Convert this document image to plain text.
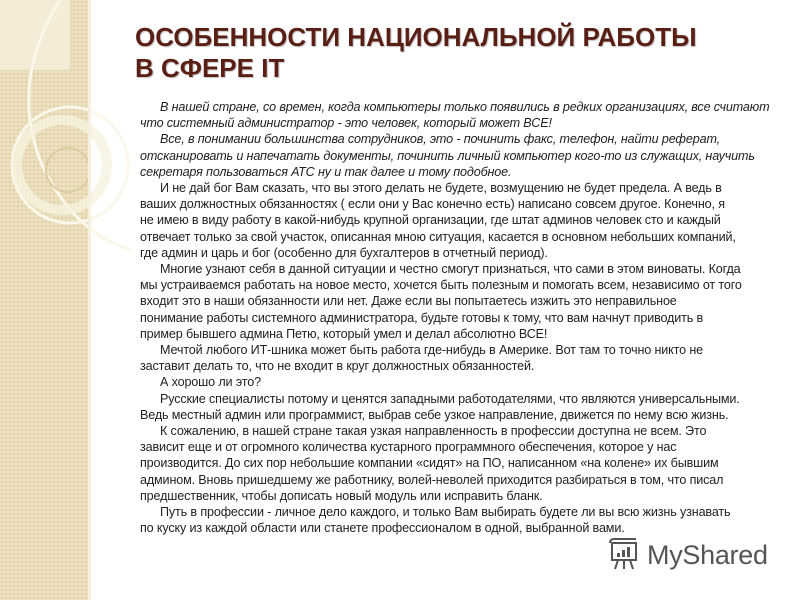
ОСОБЕННОСТИ НАЦИОНАЛЬНОЙ РАБОТЫ
В СФЕРЕ IT
В нашей стране, со времен, когда компьютеры только появились в редких организациях, все считают
что системный администратор - это человек, который может ВСЕ!
Все, в понимании большинства сотрудников, это - починить факс, телефон, найти реферат,
отсканировать и напечатать документы, починить личный компьютер кого-то из служащих, научить
секретаря пользоваться АТС ну и так далее и тому подобное.
И не дай бог Вам сказать, что вы этого делать не будете, возмущению не будет предела. А ведь в
ваших должностных обязанностях ( если они у Вас конечно есть) написано совсем другое. Конечно, я
не имею в виду работу в какой-нибудь крупной организации, где штат админов человек сто и каждый
отвечает только за свой участок, описанная мною ситуация, касается в основном небольших компаний,
где админ и царь и бог (особенно для бухгалтеров в отчетный период).
Многие узнают себя в данной ситуации и честно смогут признаться, что сами в этом виноваты. Когда
мы устраиваемся работать на новое место, хочется быть полезным и помогать всем, независимо от того
входит это в наши обязанности или нет. Даже если вы попытаетесь изжить это неправильное
понимание работы системного администратора, будьте готовы к тому, что вам начнут приводить в
пример бывшего админа Петю, который умел и делал абсолютно ВСЕ!
Мечтой любого ИТ-шника может быть работа где-нибудь в Америке. Вот там то точно никто не
заставит делать то, что не входит в круг должностных обязанностей.
А хорошо ли это?
Русские специалисты потому и ценятся западными работодателями, что являются универсальными.
Ведь местный админ или программист, выбрав себе узкое направление, движется по нему всю жизнь.
К сожалению, в нашей стране такая узкая направленность в профессии доступна не всем. Это
зависит еще и от огромного количества кустарного программного обеспечения, которое у нас
производится. До сих пор небольшие компании «сидят» на ПО, написанном «на колене» их бывшим
админом. Вновь пришедшему же работнику, волей-неволей приходится разбираться в том, что писал
предшественник, чтобы дописать новый модуль или исправить бланк.
Путь в профессии - личное дело каждого, и только Вам выбирать будете ли вы всю жизнь узнавать
по куску из каждой области или станете профессионалом в одной, выбранной вами.
MyShared
